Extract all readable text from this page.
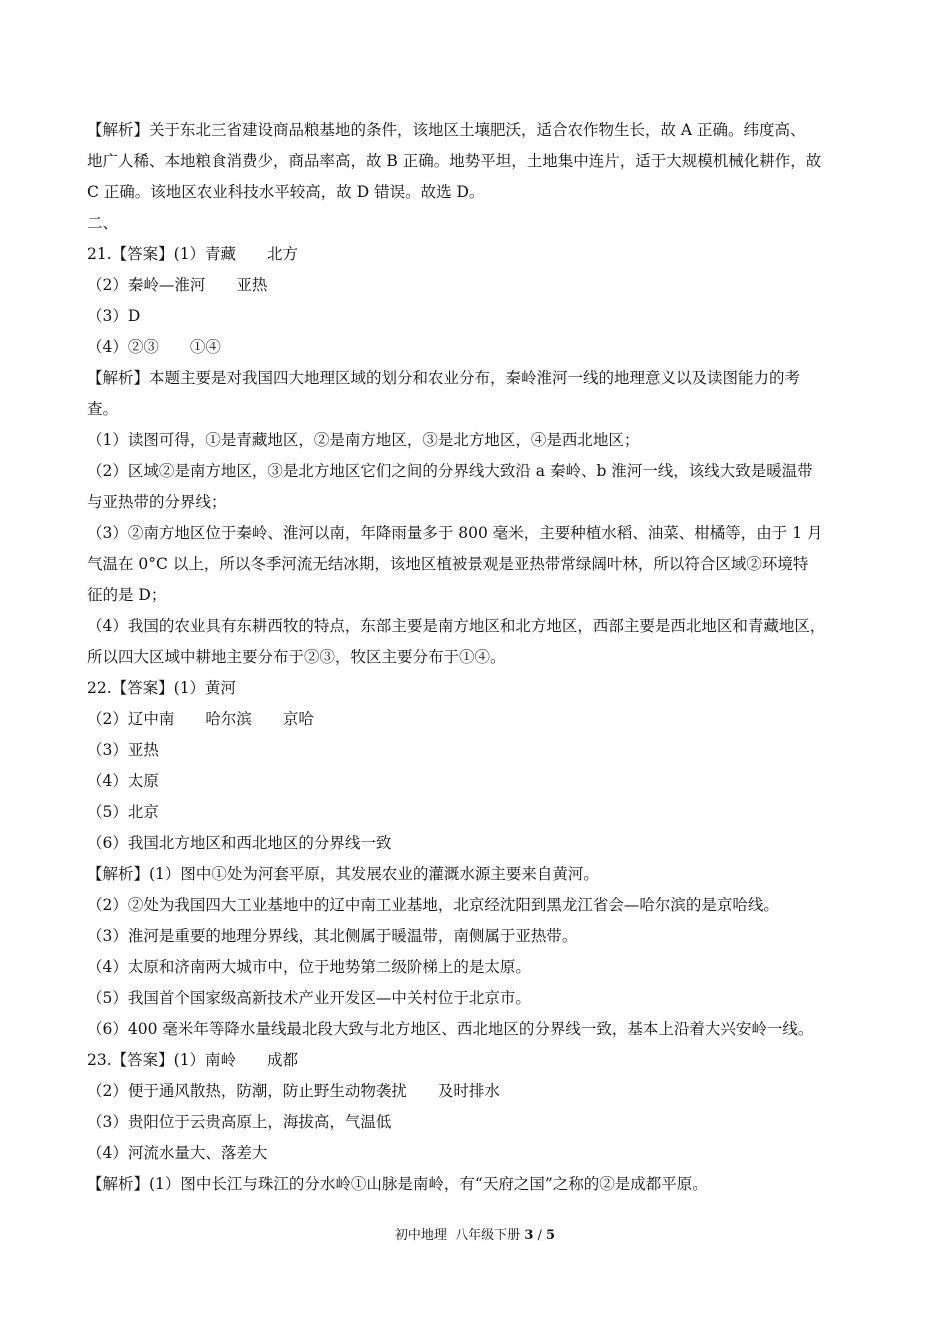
【解析】关于东北三省建设商品粮基地的条件，该地区土壤肥沃，适合农作物生长，故 A 正确。纬度高、
地广人稀、本地粮食消费少，商品率高，故 B 正确。地势平坦，土地集中连片，适于大规模机械化耕作，故
C 正确。该地区农业科技水平较高，故 D 错误。故选 D。
二、
21.【答案】(1）青藏　　北方
（2）秦岭—淮河　　亚热
（3）D
（4）②③　　①④
【解析】本题主要是对我国四大地理区域的划分和农业分布，秦岭淮河一线的地理意义以及读图能力的考
查。
（1）读图可得，①是青藏地区，②是南方地区，③是北方地区，④是西北地区；
（2）区域②是南方地区，③是北方地区它们之间的分界线大致沿 a 秦岭、b 淮河一线，该线大致是暖温带
与亚热带的分界线；
（3）②南方地区位于秦岭、淮河以南，年降雨量多于 800 毫米，主要种植水稻、油菜、柑橘等，由于 1 月
气温在 0°C 以上，所以冬季河流无结冰期，该地区植被景观是亚热带常绿阔叶林，所以符合区域②环境特
征的是 D；
（4）我国的农业具有东耕西牧的特点，东部主要是南方地区和北方地区，西部主要是西北地区和青藏地区，
所以四大区域中耕地主要分布于②③，牧区主要分布于①④。
22.【答案】(1）黄河
（2）辽中南　　哈尔滨　　京哈
（3）亚热
（4）太原
（5）北京
（6）我国北方地区和西北地区的分界线一致
【解析】(1）图中①处为河套平原，其发展农业的灌溉水源主要来自黄河。
（2）②处为我国四大工业基地中的辽中南工业基地，北京经沈阳到黑龙江省会—哈尔滨的是京哈线。
（3）淮河是重要的地理分界线，其北侧属于暖温带，南侧属于亚热带。
（4）太原和济南两大城市中，位于地势第二级阶梯上的是太原。
（5）我国首个国家级高新技术产业开发区—中关村位于北京市。
（6）400 毫米年等降水量线最北段大致与北方地区、西北地区的分界线一致，基本上沿着大兴安岭一线。
23.【答案】(1）南岭　　成都
（2）便于通风散热，防潮，防止野生动物袭扰　　及时排水
（3）贵阳位于云贵高原上，海拔高，气温低
（4）河流水量大、落差大
【解析】(1）图中长江与珠江的分水岭①山脉是南岭，有“天府之国”之称的②是成都平原。
初中地理  八年级下册 3 / 5
